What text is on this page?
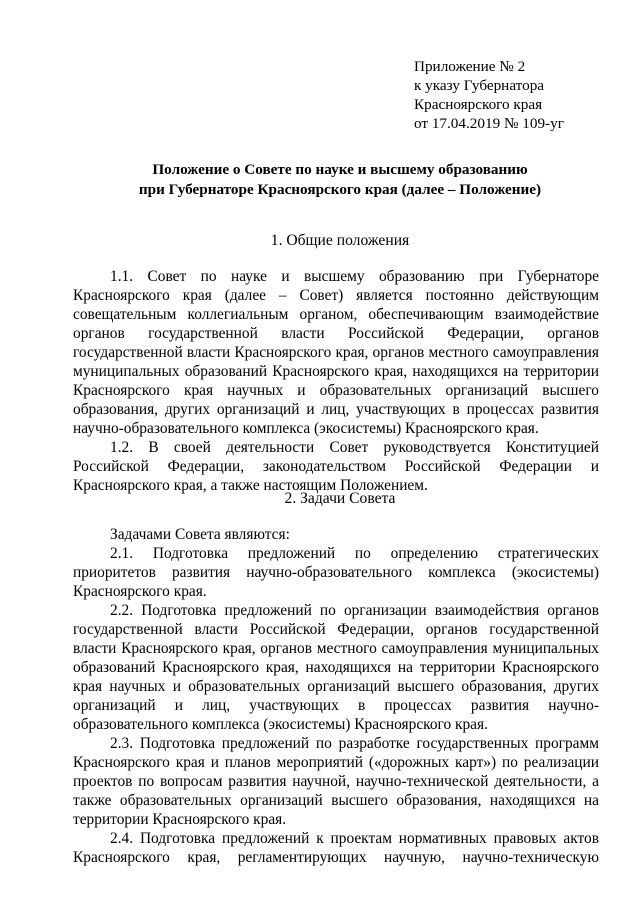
Приложение № 2
к указу Губернатора
Красноярского края
от 17.04.2019 № 109-уг
Положение о Совете по науке и высшему образованию
при Губернаторе Красноярского края (далее – Положение)
1. Общие положения

1.1. Совет по науке и высшему образованию при Губернаторе Красноярского края (далее – Совет) является постоянно действующим совещательным коллегиальным органом, обеспечивающим взаимодействие органов государственной власти Российской Федерации, органов государственной власти Красноярского края, органов местного самоуправления муниципальных образований Красноярского края, находящихся на территории Красноярского края научных и образовательных организаций высшего образования, других организаций и лиц, участвующих в процессах развития научно-образовательного комплекса (экосистемы) Красноярского края.

1.2. В своей деятельности Совет руководствуется Конституцией Российской Федерации, законодательством Российской Федерации и Красноярского края, а также настоящим Положением.

2. Задачи Совета

Задачами Совета являются:

2.1. Подготовка предложений по определению стратегических приоритетов развития научно-образовательного комплекса (экосистемы) Красноярского края.

2.2. Подготовка предложений по организации взаимодействия органов государственной власти Российской Федерации, органов государственной власти Красноярского края, органов местного самоуправления муниципальных образований Красноярского края, находящихся на территории Красноярского края научных и образовательных организаций высшего образования, других организаций и лиц, участвующих в процессах развития научно-образовательного комплекса (экосистемы) Красноярского края.

2.3. Подготовка предложений по разработке государственных программ Красноярского края и планов мероприятий («дорожных карт») по реализации проектов по вопросам развития научной, научно-технической деятельности, а также образовательных организаций высшего образования, находящихся на территории Красноярского края.

2.4. Подготовка предложений к проектам нормативных правовых актов Красноярского края, регламентирующих научную, научно-техническую
